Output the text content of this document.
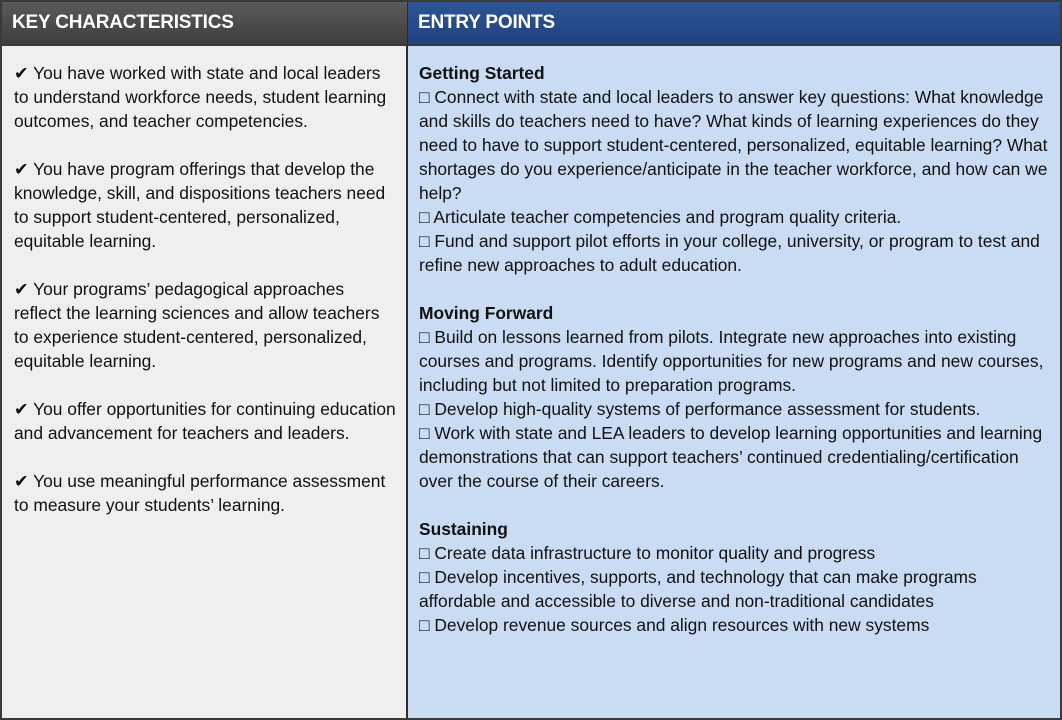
KEY CHARACTERISTICS	ENTRY POINTS

✔ You have worked with state and local leaders to understand workforce needs, student learning outcomes, and teacher competencies.

✔ You have program offerings that develop the knowledge, skill, and dispositions teachers need to support student-centered, personalized, equitable learning.

✔ Your programs’ pedagogical approaches reflect the learning sciences and allow teachers to experience student-centered, personalized, equitable learning.

✔ You offer opportunities for continuing education and advancement for teachers and leaders.

✔ You use meaningful performance assessment to measure your students’ learning.

Getting Started
□ Connect with state and local leaders to answer key questions: What knowledge and skills do teachers need to have? What kinds of learning experiences do they need to have to support student-centered, personalized, equitable learning? What shortages do you experience/anticipate in the teacher workforce, and how can we help?
□ Articulate teacher competencies and program quality criteria.
□ Fund and support pilot efforts in your college, university, or program to test and refine new approaches to adult education.
Moving Forward
□ Build on lessons learned from pilots. Integrate new approaches into existing courses and programs. Identify opportunities for new programs and new courses, including but not limited to preparation programs.
□ Develop high-quality systems of performance assessment for students.
□ Work with state and LEA leaders to develop learning opportunities and learning demonstrations that can support teachers’ continued credentialing/certification over the course of their careers.
Sustaining
□ Create data infrastructure to monitor quality and progress
□ Develop incentives, supports, and technology that can make programs affordable and accessible to diverse and non-traditional candidates
□ Develop revenue sources and align resources with new systems
